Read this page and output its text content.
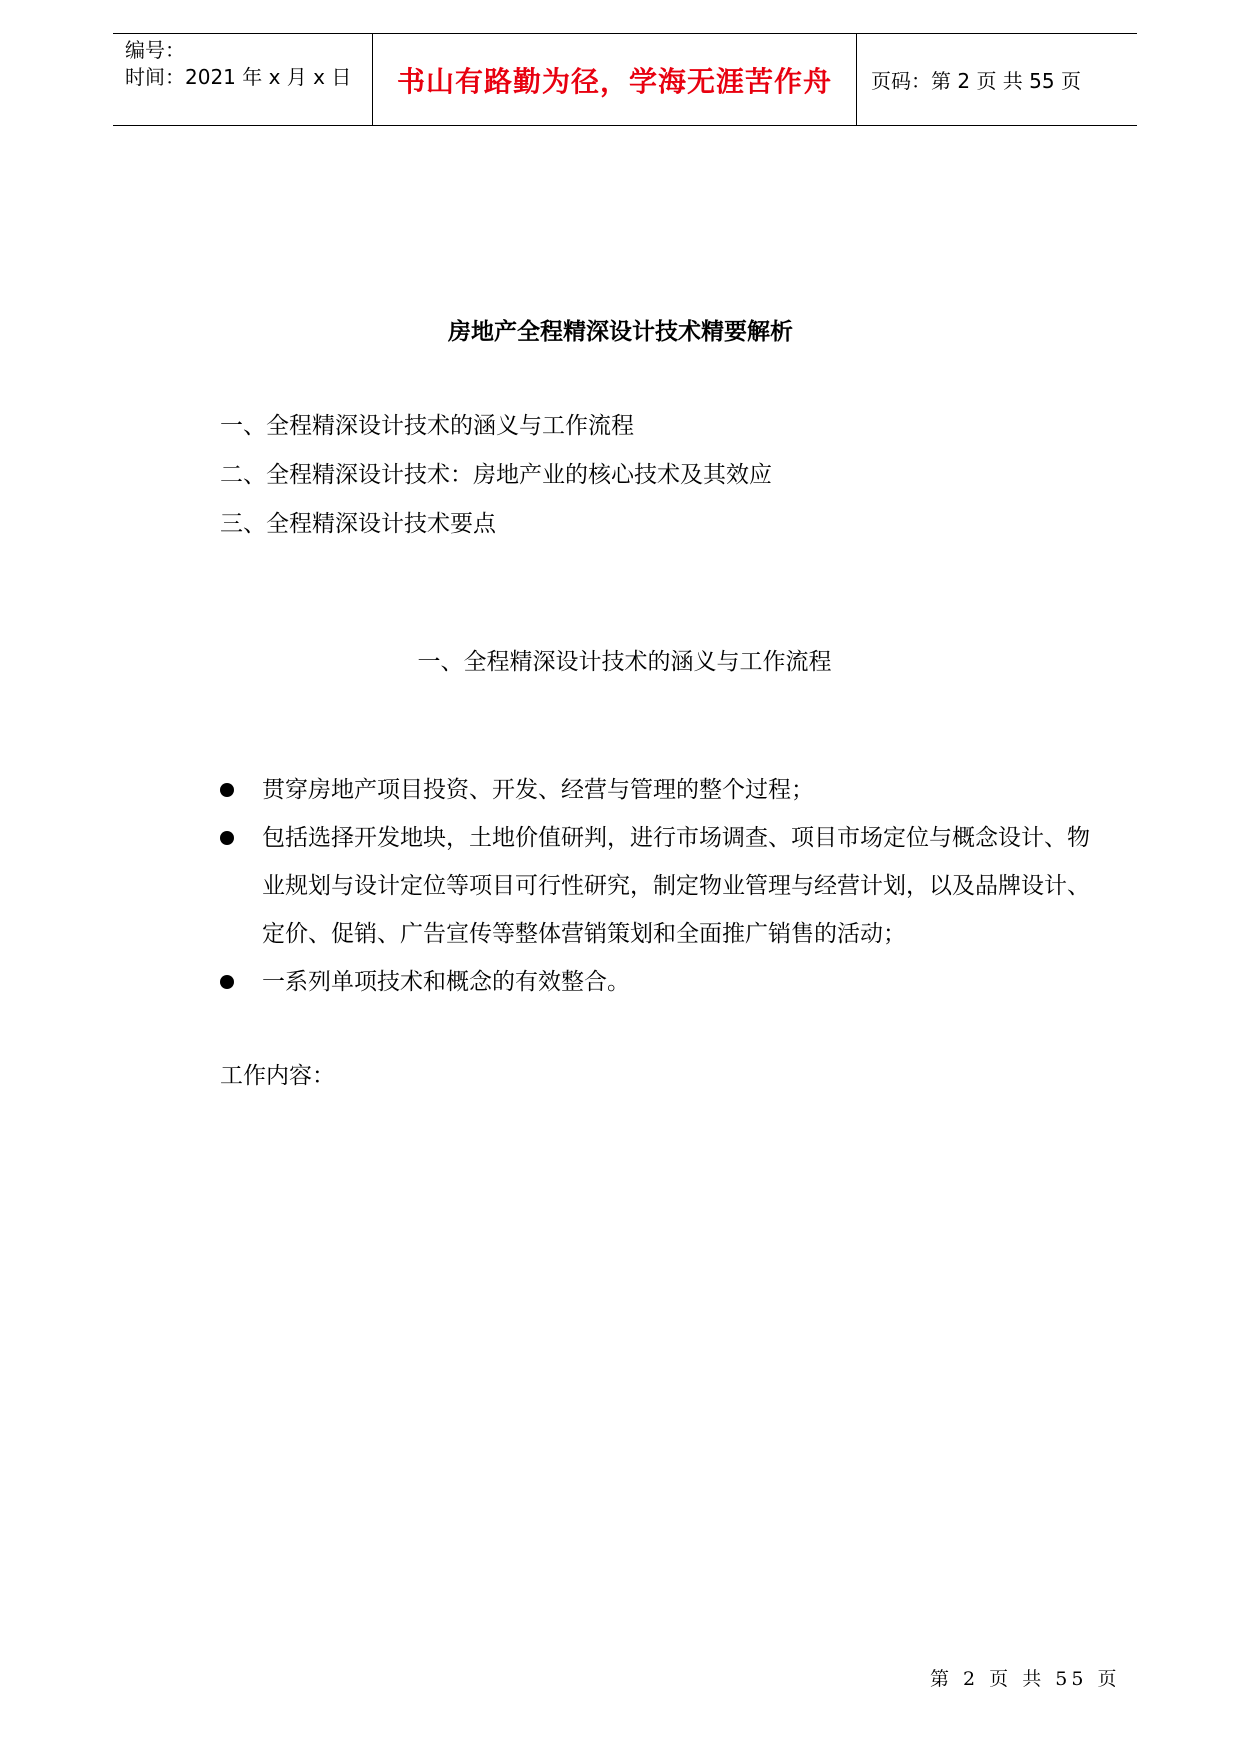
编号：
时间：2021 年 x 月 x 日 书山有路勤为径，学海无涯苦作舟 页码：第 2 页 共 55 页
房地产全程精深设计技术精要解析
一、全程精深设计技术的涵义与工作流程
二、全程精深设计技术：房地产业的核心技术及其效应
三、全程精深设计技术要点
一、全程精深设计技术的涵义与工作流程
贯穿房地产项目投资、开发、经营与管理的整个过程；
包括选择开发地块，土地价值研判，进行市场调查、项目市场定位与概念设计、物业规划与设计定位等项目可行性研究，制定物业管理与经营计划，以及品牌设计、定价、促销、广告宣传等整体营销策划和全面推广销售的活动；
一系列单项技术和概念的有效整合。
工作内容：
第 2 页 共 55 页
